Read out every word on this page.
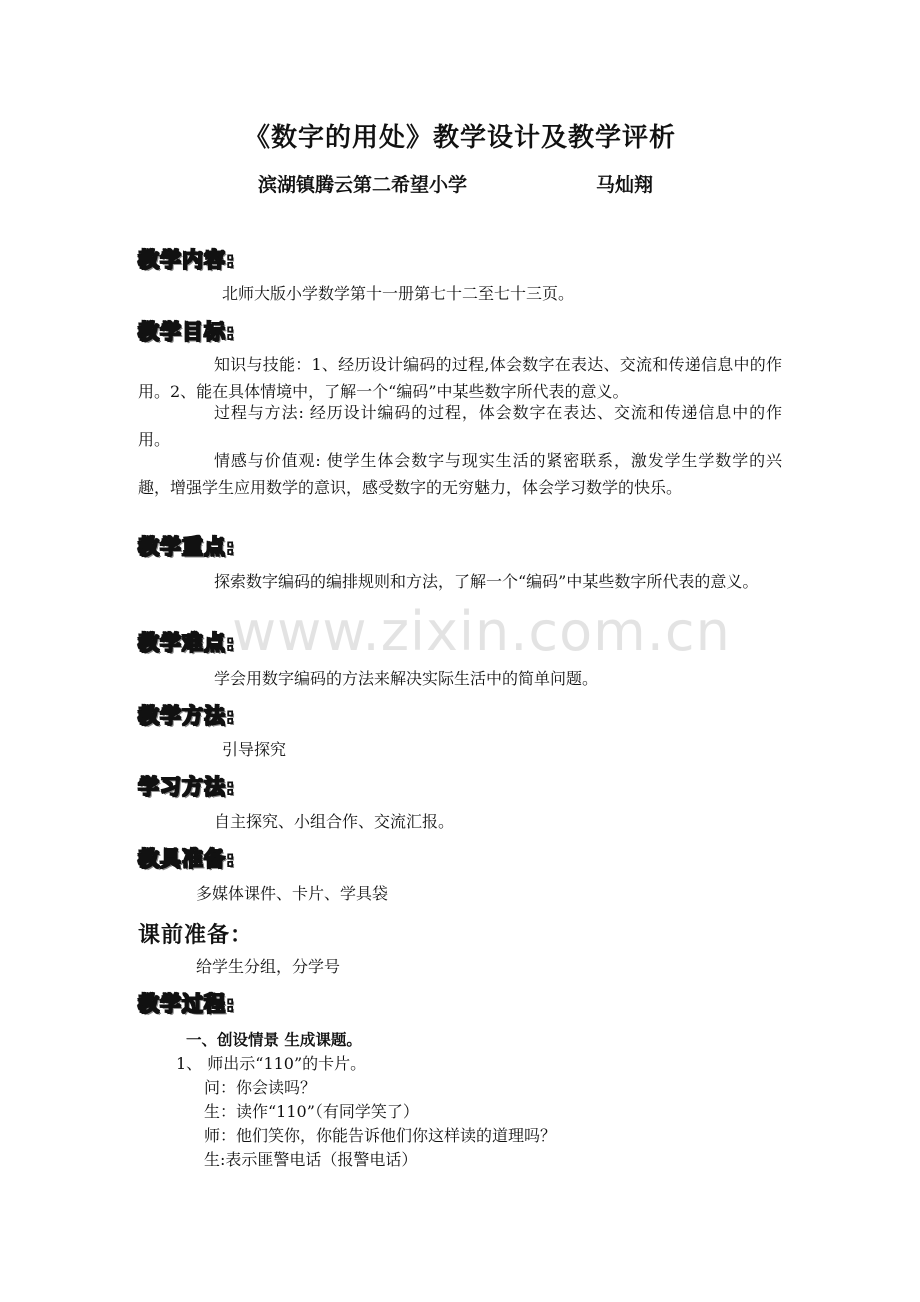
《数字的用处》教学设计及教学评析
滨湖镇腾云第二希望小学	马灿翔
教学内容:
北师大版小学数学第十一册第七十二至七十三页。
教学目标:
知识与技能：1、经历设计编码的过程,体会数字在表达、交流和传递信息中的作用。2、能在具体情境中，了解一个“编码”中某些数字所代表的意义。
过程与方法: 经历设计编码的过程，体会数字在表达、交流和传递信息中的作用。
情感与价值观: 使学生体会数字与现实生活的紧密联系，激发学生学数学的兴趣，增强学生应用数学的意识，感受数字的无穷魅力，体会学习数学的快乐。
教学重点:
探索数字编码的编排规则和方法，了解一个“编码”中某些数字所代表的意义。
教学难点:
学会用数字编码的方法来解决实际生活中的简单问题。
教学方法:
引导探究
学习方法:
自主探究、小组合作、交流汇报。
教具准备:
多媒体课件、卡片、学具袋
课前准备：
给学生分组，分学号
教学过程:
一、创设情景 生成课题。
1、 师出示“110”的卡片。
问：你会读吗？
生：读作“110”（有同学笑了）
师：他们笑你，你能告诉他们你这样读的道理吗？
生:表示匪警电话（报警电话）
www.zixin.com.cn
